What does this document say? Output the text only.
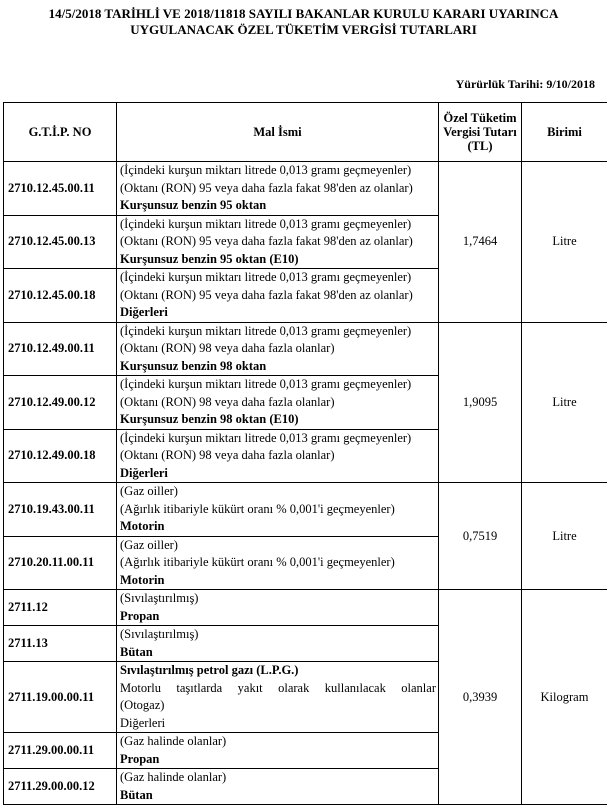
14/5/2018 TARİHLİ VE 2018/11818 SAYILI BAKANLAR KURULU KARARI UYARINCA
UYGULANACAK ÖZEL TÜKETİM VERGİSİ TUTARLARI
Yürürlük Tarihi: 9/10/2018
G.T.İ.P. NO	Mal İsmi	Özel Tüketim Vergisi Tutarı (TL)	Birimi
2710.12.45.00.11	(İçindeki kurşun miktarı litrede 0,013 gramı geçmeyenler)
(Oktanı (RON) 95 veya daha fazla fakat 98'den az olanlar)
Kurşunsuz benzin 95 oktan	1,7464	Litre
2710.12.45.00.13	(İçindeki kurşun miktarı litrede 0,013 gramı geçmeyenler)
(Oktanı (RON) 95 veya daha fazla fakat 98'den az olanlar)
Kurşunsuz benzin 95 oktan (E10)		

2710.12.45.00.18	(İçindeki kurşun miktarı litrede 0,013 gramı geçmeyenler)
(Oktanı (RON) 95 veya daha fazla fakat 98'den az olanlar)
Diğerleri		

2710.12.49.00.11	(İçindeki kurşun miktarı litrede 0,013 gramı geçmeyenler)
(Oktanı (RON) 98 veya daha fazla olanlar)
Kurşunsuz benzin 98 oktan	1,9095	Litre
2710.12.49.00.12	(İçindeki kurşun miktarı litrede 0,013 gramı geçmeyenler)
(Oktanı (RON) 98 veya daha fazla olanlar)
Kurşunsuz benzin 98 oktan (E10)		

2710.12.49.00.18	(İçindeki kurşun miktarı litrede 0,013 gramı geçmeyenler)
(Oktanı (RON) 98 veya daha fazla olanlar)
Diğerleri		

2710.19.43.00.11	(Gaz oiller)
(Ağırlık itibariyle kükürt oranı % 0,001'i geçmeyenler)
Motorin	0,7519	Litre
2710.20.11.00.11	(Gaz oiller)
(Ağırlık itibariyle kükürt oranı % 0,001'i geçmeyenler)
Motorin		

2711.12	(Sıvılaştırılmış)
Propan	0,3939	Kilogram
2711.13	(Sıvılaştırılmış)
Bütan		

2711.19.00.00.11	Sıvılaştırılmış petrol gazı (L.P.G.)
Motorlu taşıtlarda yakıt olarak kullanılacak olanlar
(Otogaz)
Diğerleri		

2711.29.00.00.11	(Gaz halinde olanlar)
Propan		

2711.29.00.00.12	(Gaz halinde olanlar)
Bütan		
